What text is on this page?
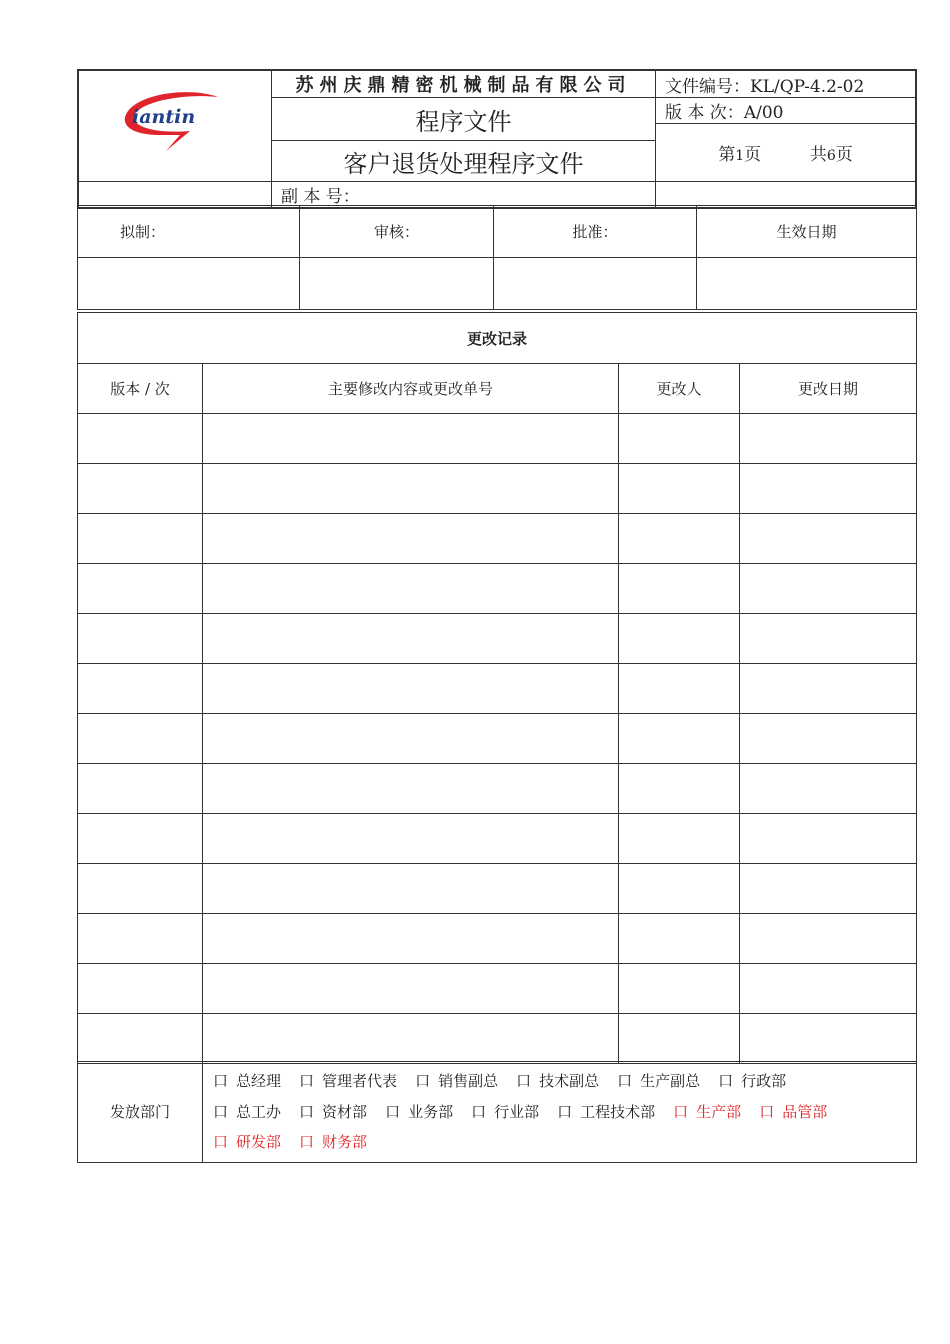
iantin	苏州庆鼎精密机械制品有限公司	文件编号：KL/QP-4.2-02
	程序文件	版 本 次：A/00
		第1页 共6页
	客户退货处理程序文件	
	副 本 号：	
拟制：	审核：	批准：	生效日期

更改记录			
版本 / 次	主要修改内容或更改单号	更改人	更改日期

发放部门	口 总经理 口 管理者代表 口 销售副总 口 技术副总 口 生产副总 口 行政部
口 总工办 口 资材部 口 业务部 口 行业部 口 工程技术部 口 生产部 口 品管部
口 研发部 口 财务部
